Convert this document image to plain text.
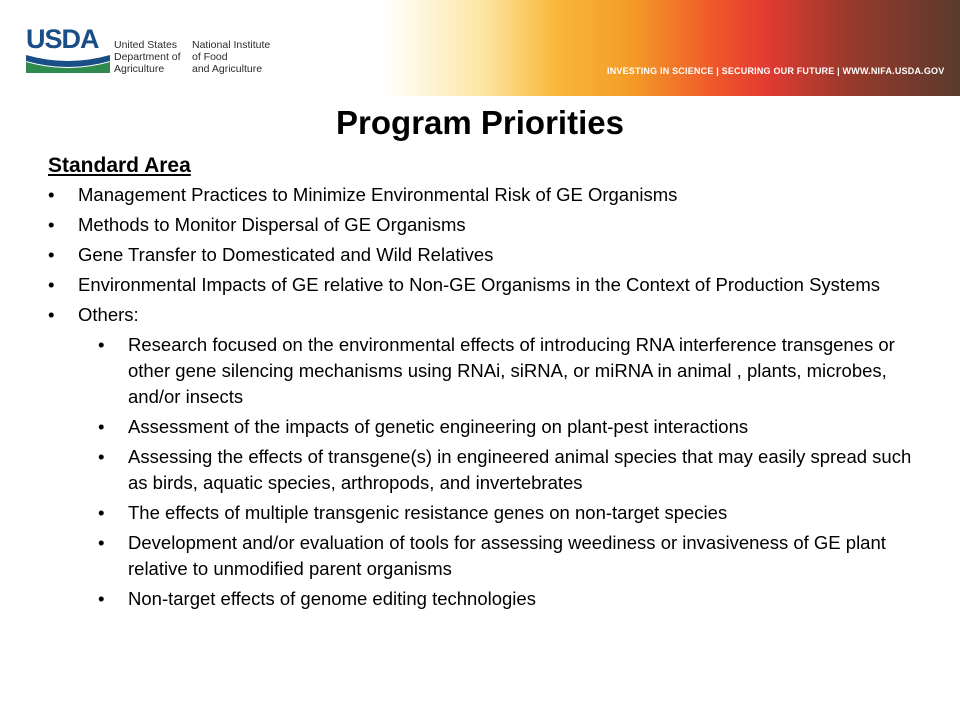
USDA	United States
Department of
Agriculture
National Institute
of Food
and Agriculture	INVESTING IN SCIENCE | SECURING OUR FUTURE | WWW.NIFA.USDA.GOV
Program Priorities
Standard Area
• Management Practices to Minimize Environmental Risk of GE Organisms
• Methods to Monitor Dispersal of GE Organisms
• Gene Transfer to Domesticated and Wild Relatives
• Environmental Impacts of GE relative to Non-GE Organisms in the Context of Production Systems
• Others:
• Research focused on the environmental effects of introducing RNA interference transgenes or other gene silencing mechanisms using RNAi, siRNA, or miRNA in animal , plants, microbes, and/or insects
• Assessment of the impacts of genetic engineering on plant-pest interactions
• Assessing the effects of transgene(s) in engineered animal species that may easily spread such as birds, aquatic species, arthropods, and invertebrates
• The effects of multiple transgenic resistance genes on non-target species
• Development and/or evaluation of tools for assessing weediness or invasiveness of GE plant relative to unmodified parent organisms
• Non-target effects of genome editing technologies
